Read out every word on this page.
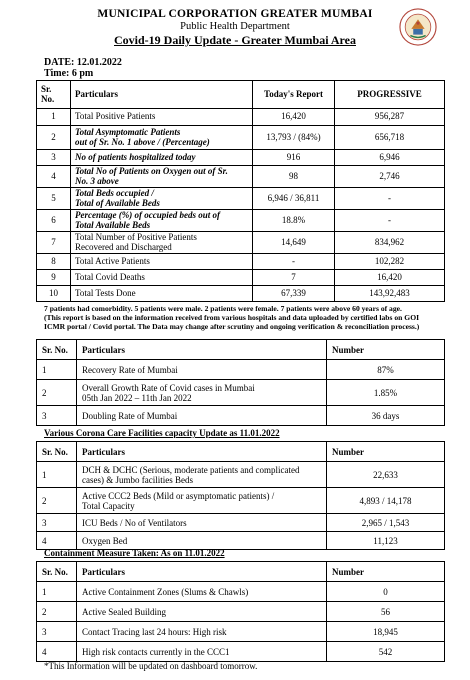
MUNICIPAL CORPORATION GREATER MUMBAI
Public Health Department
Covid-19 Daily Update - Greater Mumbai Area
DATE: 12.01.2022
Time: 6 pm
Sr. No.	Particulars	Today's Report	PROGRESSIVE
1	Total Positive Patients	16,420	956,287
2	Total Asymptomatic Patients
out of Sr. No. 1 above / (Percentage)	13,793 / (84%)	656,718
3	No of patients hospitalized today	916	6,946
4	Total No of Patients on Oxygen out of Sr.
No. 3 above	98	2,746
5	Total Beds occupied /
Total of Available Beds	6,946 / 36,811	-
6	Percentage (%) of occupied beds out of
Total Available Beds	18.8%	-
7	Total Number of Positive Patients
Recovered and Discharged	14,649	834,962
8	Total Active Patients	-	102,282
9	Total Covid Deaths	7	16,420
10	Total Tests Done	67,339	143,92,483
7 patients had comorbidity. 5 patients were male. 2 patients were female. 7 patients were above 60 years of age.
(This report is based on the information received from various hospitals and data uploaded by certified labs on GOI
ICMR portal / Covid portal. The Data may change after scrutiny and ongoing verification & reconciliation process.)
Sr. No.	Particulars	Number
1	Recovery Rate of Mumbai	87%
2	Overall Growth Rate of Covid cases in Mumbai
05th Jan 2022 – 11th Jan 2022	1.85%
3	Doubling Rate of Mumbai	36 days
Various Corona Care Facilities capacity Update as 11.01.2022
Sr. No.	Particulars	Number
1	DCH & DCHC (Serious, moderate patients and complicated
cases) & Jumbo facilities Beds	22,633
2	Active CCC2 Beds (Mild or asymptomatic patients) /
Total Capacity	4,893 / 14,178
3	ICU Beds / No of Ventilators	2,965 / 1,543
4	Oxygen Bed	11,123
Containment Measure Taken: As on 11.01.2022
Sr. No.	Particulars	Number
1	Active Containment Zones (Slums & Chawls)	0
2	Active Sealed Building	56
3	Contact Tracing last 24 hours: High risk	18,945
4	High risk contacts currently in the CCC1	542
*This Information will be updated on dashboard tomorrow.
